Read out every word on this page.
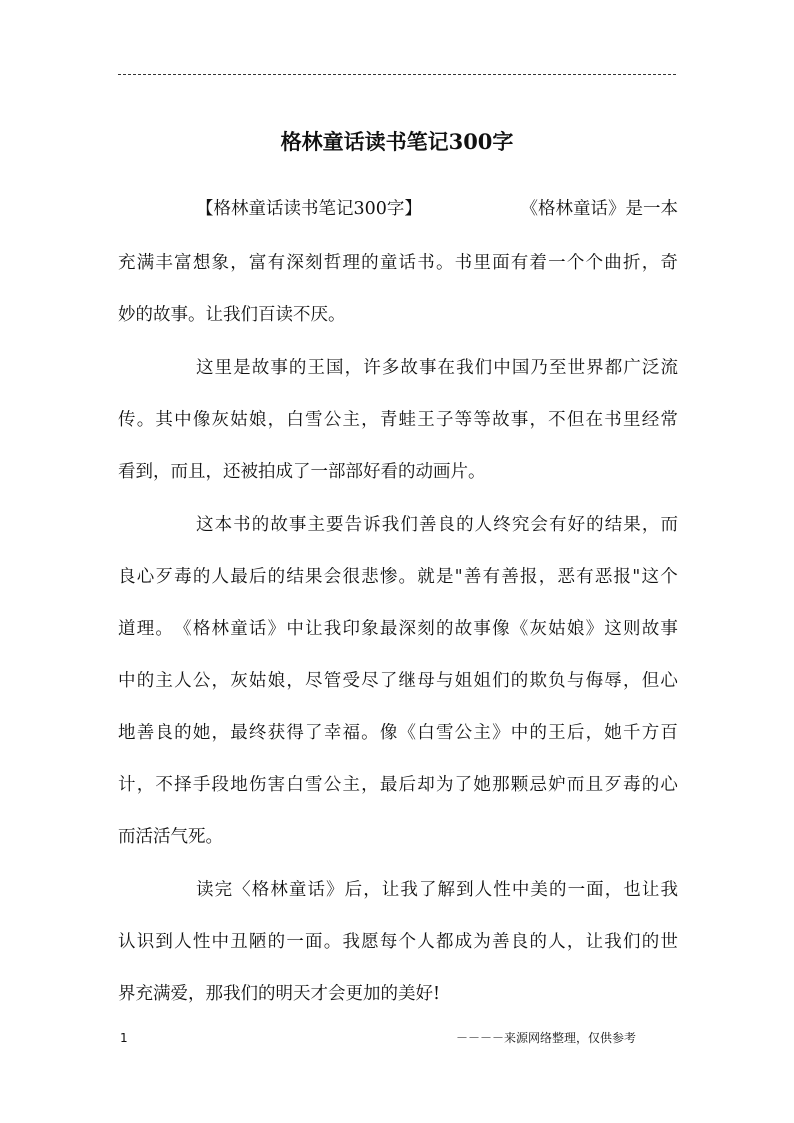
格林童话读书笔记300字
【格林童话读书笔记300字】	《格林童话》是一本
充 满 丰 富 想 象 ， 富 有 深 刻 哲 理 的 童 话 书 。 书 里 面 有 着 一 个 个 曲 折 ， 奇
妙的故事。让我们百读不厌。
这 里 是 故 事 的 王 国 ， 许 多 故 事 在 我 们 中 国 乃 至 世 界 都 广 泛 流
传 。 其 中 像 灰 姑 娘 ， 白 雪 公 主 ， 青 蛙 王 子 等 等 故 事 ， 不 但 在 书 里 经 常
看到，而且，还被拍成了一部部好看的动画片。
这 本 书 的 故 事 主 要 告 诉 我 们 善 良 的 人 终 究 会 有 好 的 结 果 ， 而
良 心 歹 毒 的 人 最 后 的 结 果 会 很 悲 惨 。 就 是 " 善 有 善 报 ， 恶 有 恶 报 " 这 个
道 理 。 《 格 林 童 话 》 中 让 我 印 象 最 深 刻 的 故 事 像 《 灰 姑 娘 》 这 则 故 事
中 的 主 人 公 ， 灰 姑 娘 ， 尽 管 受 尽 了 继 母 与 姐 姐 们 的 欺 负 与 侮 辱 ， 但 心
地 善 良 的 她 ， 最 终 获 得 了 幸 福 。 像 《 白 雪 公 主 》 中 的 王 后 ， 她 千 方 百
计 ， 不 择 手 段 地 伤 害 白 雪 公 主 ， 最 后 却 为 了 她 那 颗 忌 妒 而 且 歹 毒 的 心
而活活气死。
读 完 〈 格 林 童 话 》 后 ， 让 我 了 解 到 人 性 中 美 的 一 面 ， 也 让 我
认 识 到 人 性 中 丑 陋 的 一 面 。 我 愿 每 个 人 都 成 为 善 良 的 人 ， 让 我 们 的 世
界充满爱，那我们的明天才会更加的美好!
1	－－－－来源网络整理，仅供参考
